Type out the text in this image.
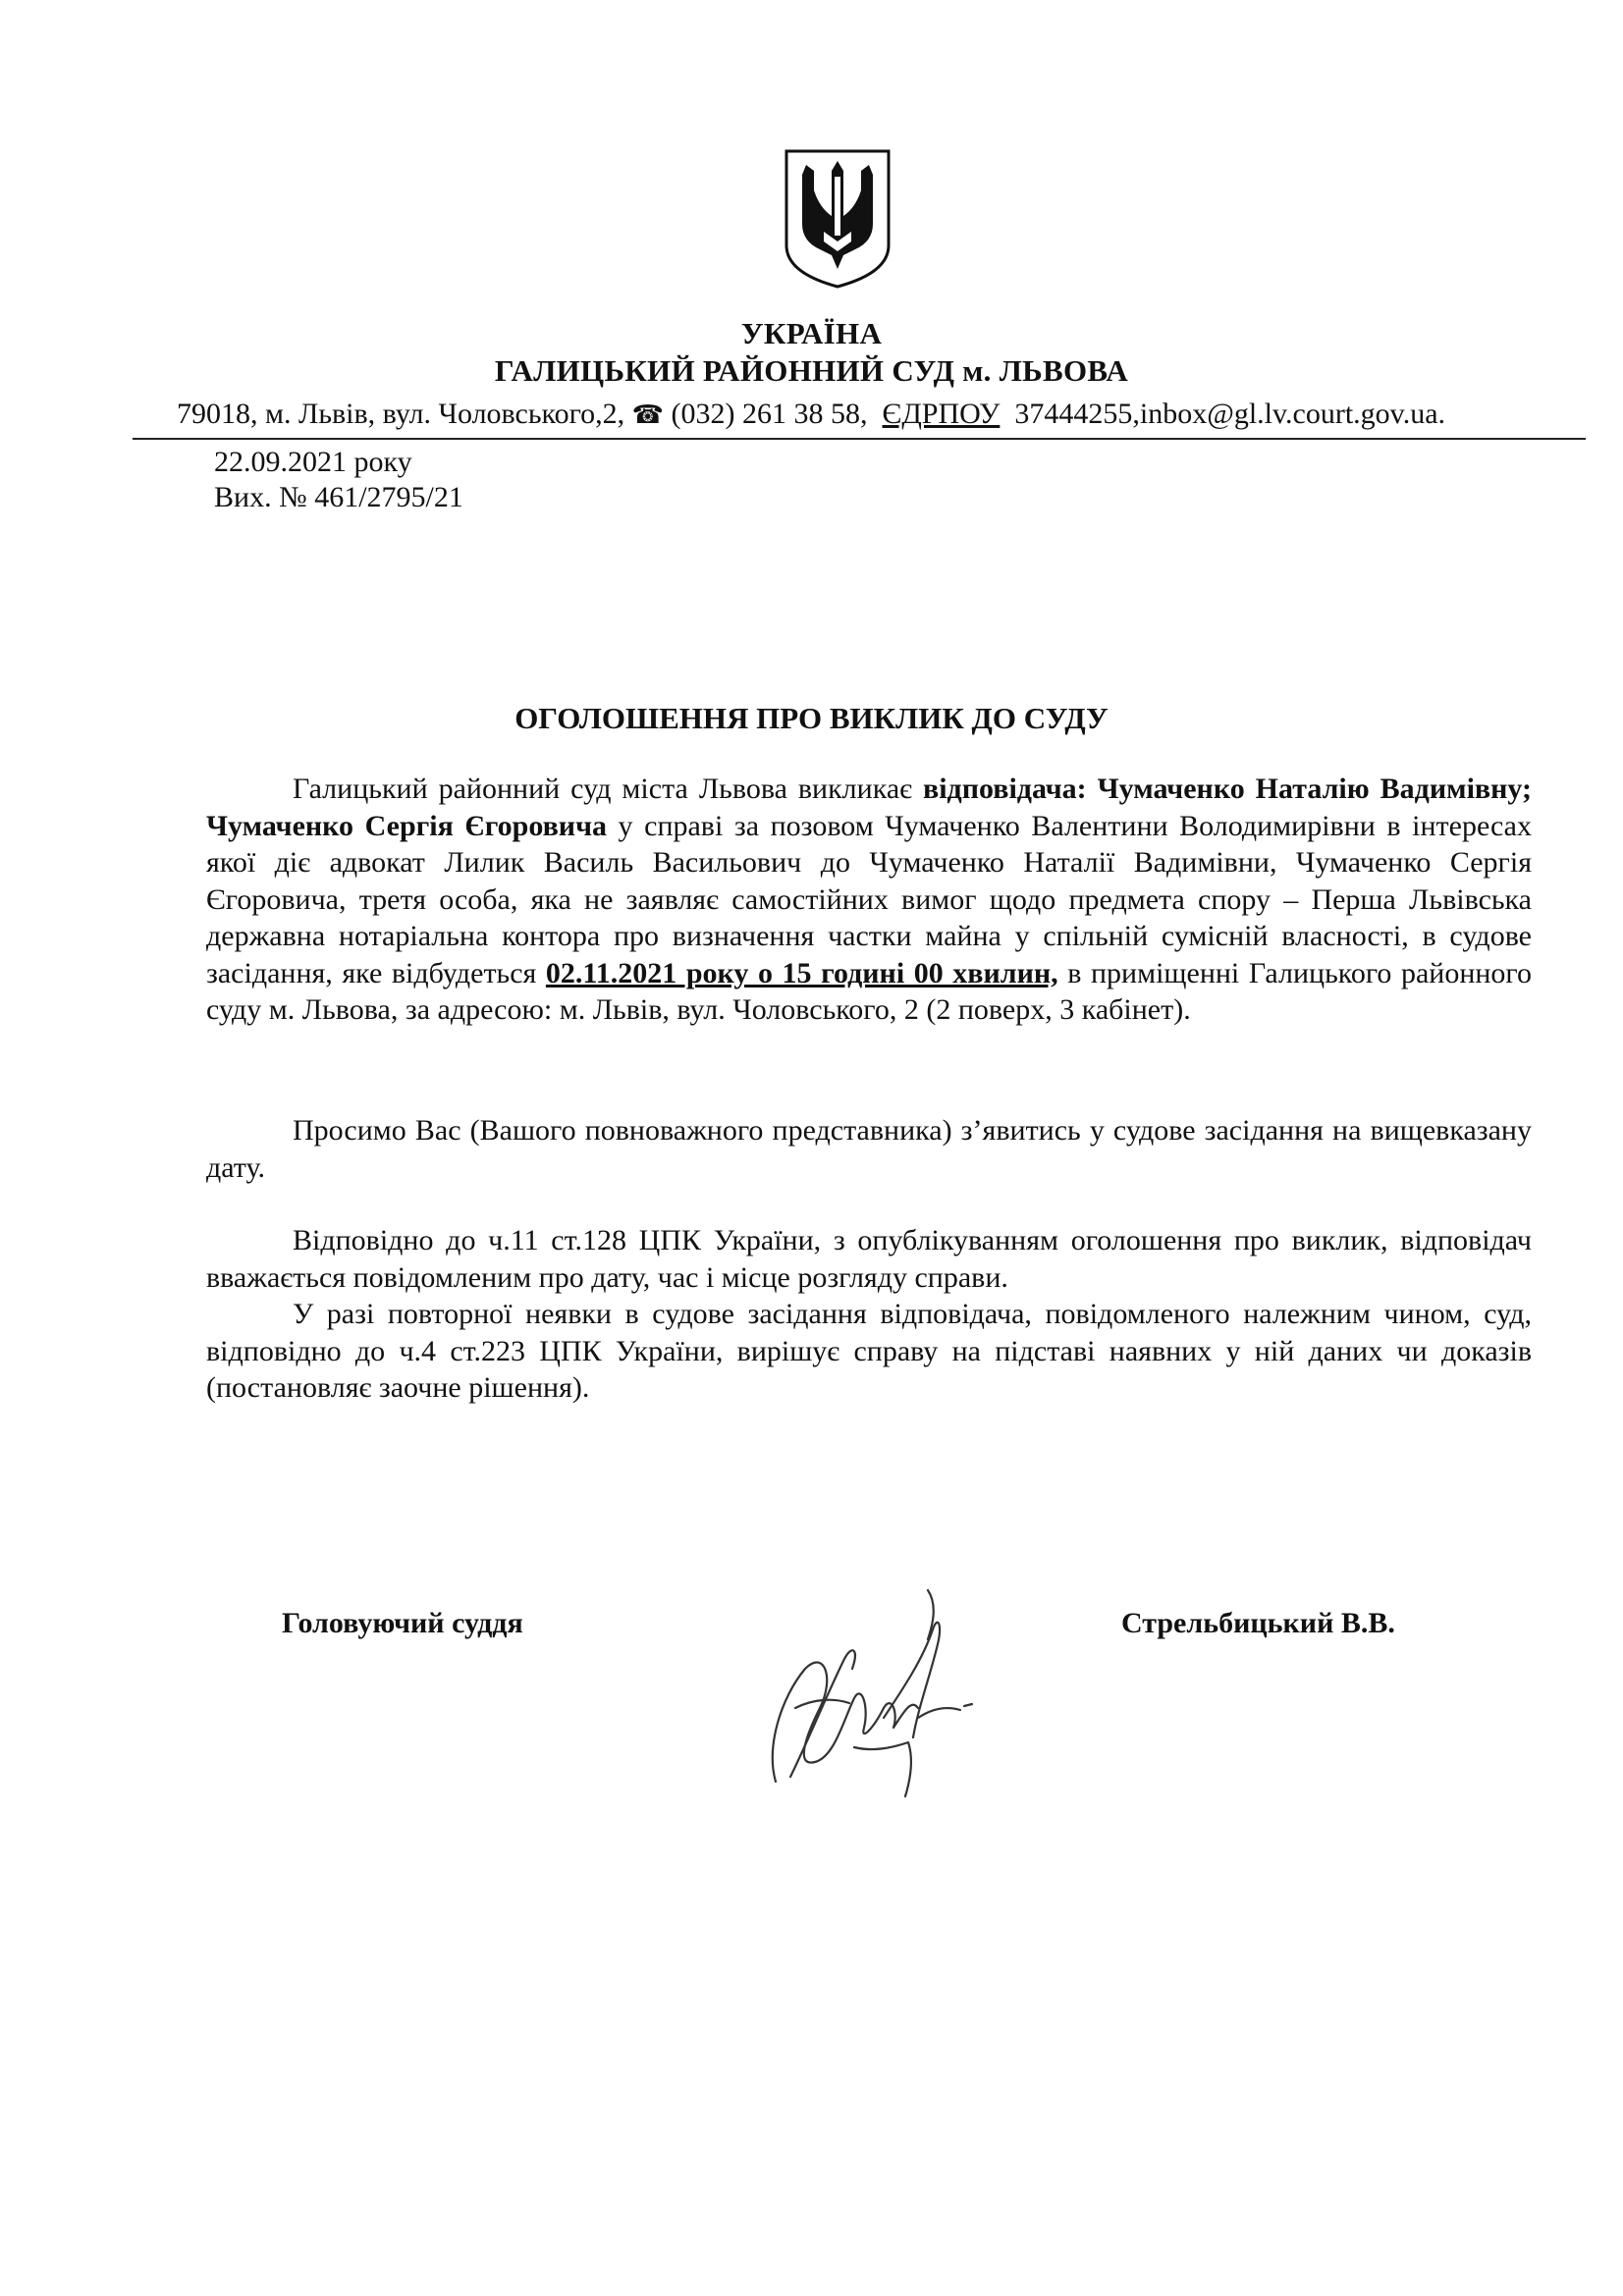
УКРАЇНА
ГАЛИЦЬКИЙ РАЙОННИЙ СУД м. ЛЬВОВА
79018, м. Львів, вул. Чоловського,2, ☎ (032) 261 38 58, ЄДРПОУ 37444255,inbox@gl.lv.court.gov.ua.
22.09.2021 року
Вих. № 461/2795/21
ОГОЛОШЕННЯ ПРО ВИКЛИК ДО СУДУ

Галицький районний суд міста Львова викликає відповідача: Чумаченко Наталію Вадимівну; Чумаченко Сергія Єгоровича у справі за позовом Чумаченко Валентини Володимирівни в інтересах якої діє адвокат Лилик Василь Васильович до Чумаченко Наталії Вадимівни, Чумаченко Сергія Єгоровича, третя особа, яка не заявляє самостійних вимог щодо предмета спору – Перша Львівська державна нотаріальна контора про визначення частки майна у спільній сумісній власності, в судове засідання, яке відбудеться 02.11.2021 року о 15 годині 00 хвилин, в приміщенні Галицького районного суду м. Львова, за адресою: м. Львів, вул. Чоловського, 2 (2 поверх, 3 кабінет).

Просимо Вас (Вашого повноважного представника) з’явитись у судове засідання на вищевказану дату.

Відповідно до ч.11 ст.128 ЦПК України, з опублікуванням оголошення про виклик, відповідач вважається повідомленим про дату, час і місце розгляду справи.

У разі повторної неявки в судове засідання відповідача, повідомленого належним чином, суд, відповідно до ч.4 ст.223 ЦПК України, вирішує справу на підставі наявних у ній даних чи доказів (постановляє заочне рішення).

Головуючий суддя	Стрельбицький В.В.
